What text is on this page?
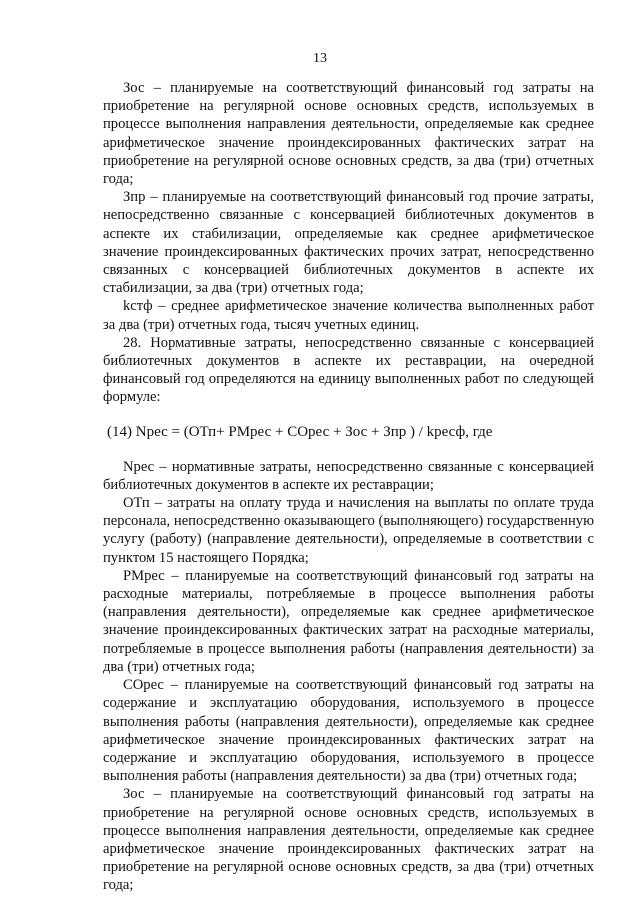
13

Зос – планируемые на соответствующий финансовый год затраты на приобретение на регулярной основе основных средств, используемых в процессе выполнения направления деятельности, определяемые как среднее арифметическое значение проиндексированных фактических затрат на приобретение на регулярной основе основных средств, за два (три) отчетных года;

Зпр – планируемые на соответствующий финансовый год прочие затраты, непосредственно связанные с консервацией библиотечных документов в аспекте их стабилизации, определяемые как среднее арифметическое значение проиндексированных фактических прочих затрат, непосредственно связанных с консервацией библиотечных документов в аспекте их стабилизации, за два (три) отчетных года;

kстф – среднее арифметическое значение количества выполненных работ за два (три) отчетных года, тысяч учетных единиц.

28. Нормативные затраты, непосредственно связанные с консервацией библиотечных документов в аспекте их реставрации, на очередной финансовый год определяются на единицу выполненных работ по следующей формуле:

(14) Nрес = (ОТп+ РМрес + СОрес + Зос + Зпр ) / kресф, где

Nрес – нормативные затраты, непосредственно связанные с консервацией библиотечных документов в аспекте их реставрации;

ОТп – затраты на оплату труда и начисления на выплаты по оплате труда персонала, непосредственно оказывающего (выполняющего) государственную услугу (работу) (направление деятельности), определяемые в соответствии с пунктом 15 настоящего Порядка;

РМрес – планируемые на соответствующий финансовый год затраты на расходные материалы, потребляемые в процессе выполнения работы (направления деятельности), определяемые как среднее арифметическое значение проиндексированных фактических затрат на расходные материалы, потребляемые в процессе выполнения работы (направления деятельности) за два (три) отчетных года;

СОрес – планируемые на соответствующий финансовый год затраты на содержание и эксплуатацию оборудования, используемого в процессе выполнения работы (направления деятельности), определяемые как среднее арифметическое значение проиндексированных фактических затрат на содержание и эксплуатацию оборудования, используемого в процессе выполнения работы (направления деятельности) за два (три) отчетных года;

Зос – планируемые на соответствующий финансовый год затраты на приобретение на регулярной основе основных средств, используемых в процессе выполнения направления деятельности, определяемые как среднее арифметическое значение проиндексированных фактических затрат на приобретение на регулярной основе основных средств, за два (три) отчетных года;
